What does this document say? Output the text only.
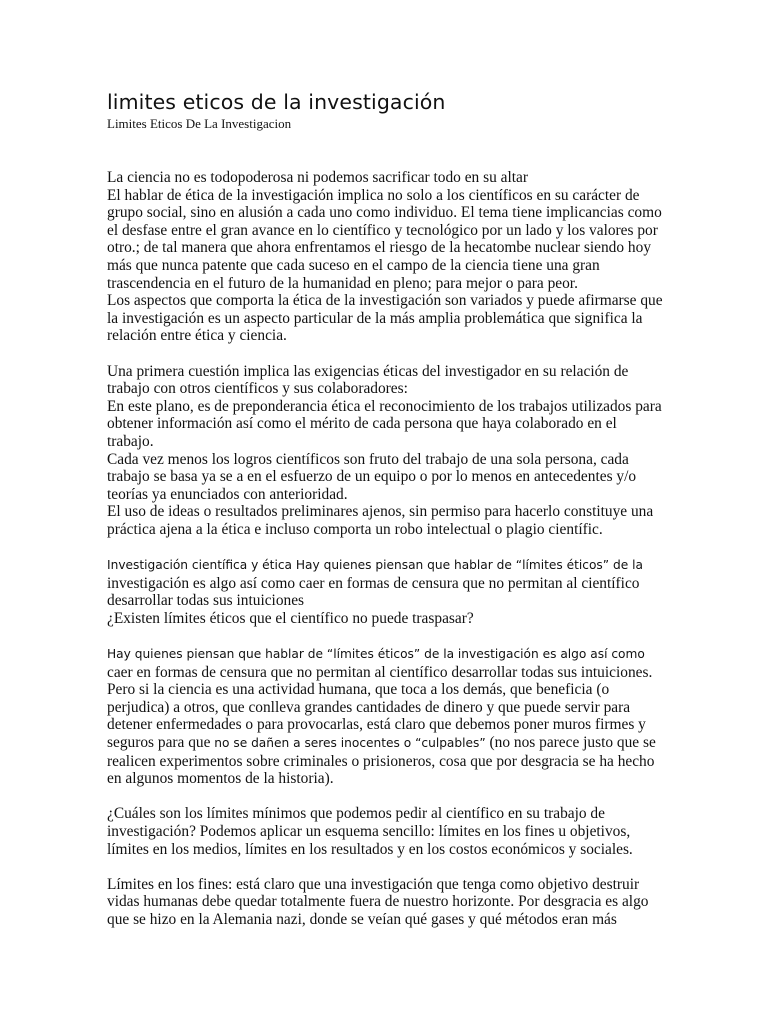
limites eticos de la investigación

Limites Eticos De La Investigacion

La ciencia no es todopoderosa ni podemos sacrificar todo en su altar

El hablar de ética de la investigación implica no solo a los científicos en su carácter de grupo social, sino en alusión a cada uno como individuo. El tema tiene implicancias como el desfase entre el gran avance en lo científico y tecnológico por un lado y los valores por otro.; de tal manera que ahora enfrentamos el riesgo de la hecatombe nuclear siendo hoy más que nunca patente que cada suceso en el campo de la ciencia tiene una gran trascendencia en el futuro de la humanidad en pleno; para mejor o para peor.

Los aspectos que comporta la ética de la investigación son variados y puede afirmarse que la investigación es un aspecto particular de la más amplia problemática que significa la relación entre ética y ciencia.

Una primera cuestión implica las exigencias éticas del investigador en su relación de trabajo con otros científicos y sus colaboradores:

En este plano, es de preponderancia ética el reconocimiento de los trabajos utilizados para obtener información así como el mérito de cada persona que haya colaborado en el trabajo.

Cada vez menos los logros científicos son fruto del trabajo de una sola persona, cada trabajo se basa ya se a en el esfuerzo de un equipo o por lo menos en antecedentes y/o teorías ya enunciados con anterioridad.

El uso de ideas o resultados preliminares ajenos, sin permiso para hacerlo constituye una práctica ajena a la ética e incluso comporta un robo intelectual o plagio científic.

Investigación científica y ética Hay quienes piensan que hablar de “límites éticos” de la investigación es algo así como caer en formas de censura que no permitan al científico desarrollar todas sus intuiciones

¿Existen límites éticos que el científico no puede traspasar?

Hay quienes piensan que hablar de “límites éticos” de la investigación es algo así como caer en formas de censura que no permitan al científico desarrollar todas sus intuiciones. Pero si la ciencia es una actividad humana, que toca a los demás, que beneficia (o perjudica) a otros, que conlleva grandes cantidades de dinero y que puede servir para detener enfermedades o para provocarlas, está claro que debemos poner muros firmes y seguros para que no se dañen a seres inocentes o “culpables” (no nos parece justo que se realicen experimentos sobre criminales o prisioneros, cosa que por desgracia se ha hecho en algunos momentos de la historia).

¿Cuáles son los límites mínimos que podemos pedir al científico en su trabajo de investigación? Podemos aplicar un esquema sencillo: límites en los fines u objetivos, límites en los medios, límites en los resultados y en los costos económicos y sociales.

Límites en los fines: está claro que una investigación que tenga como objetivo destruir vidas humanas debe quedar totalmente fuera de nuestro horizonte. Por desgracia es algo que se hizo en la Alemania nazi, donde se veían qué gases y qué métodos eran más
